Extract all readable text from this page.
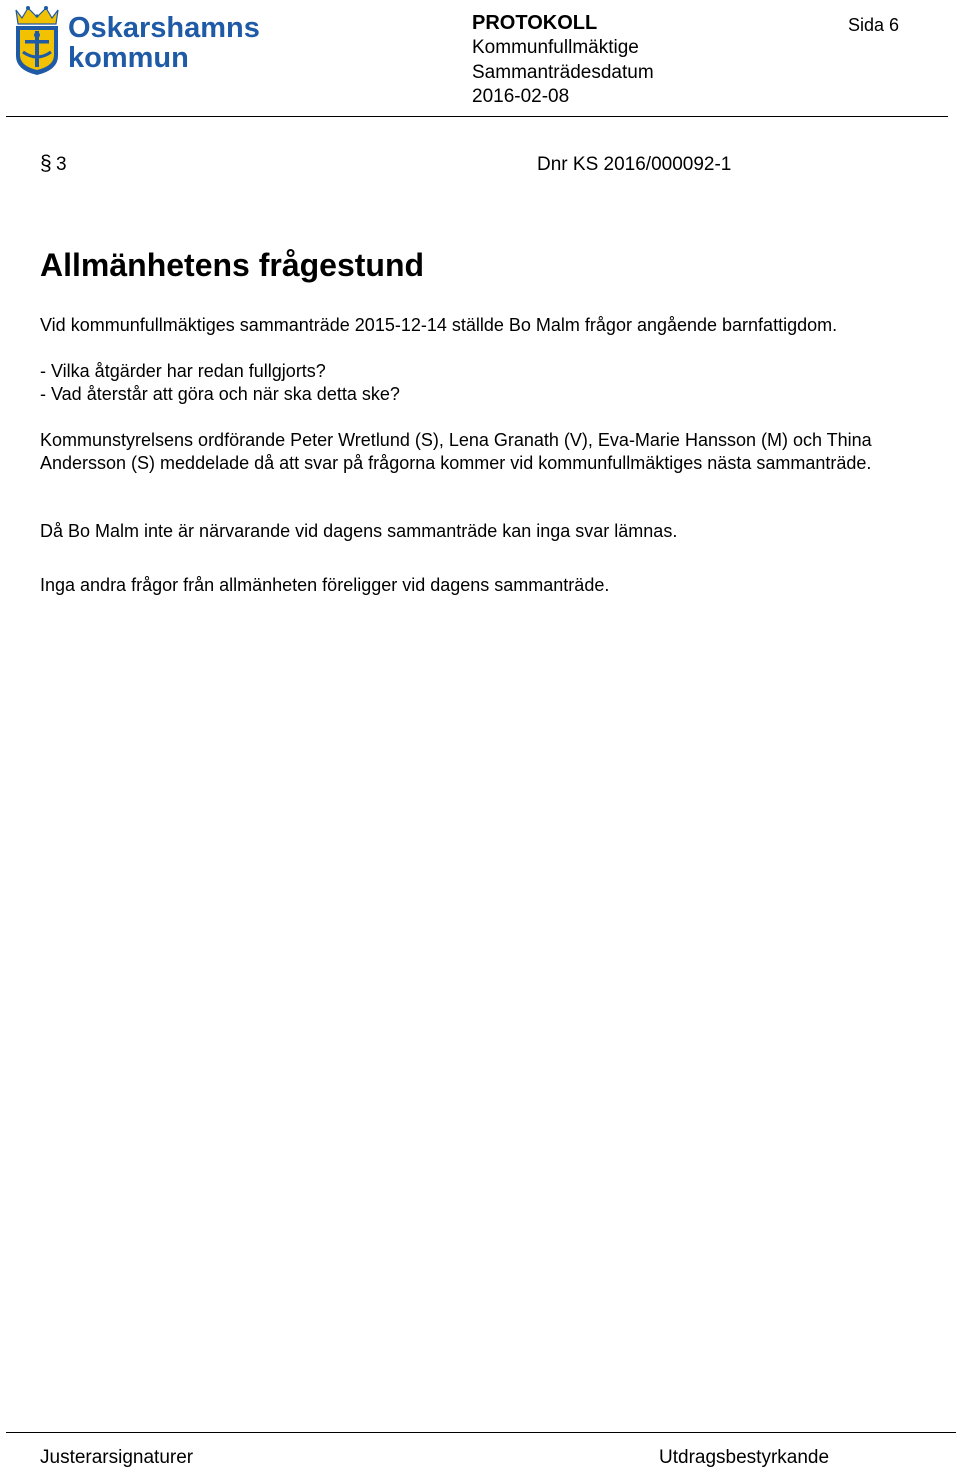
Oskarshamns
kommun
PROTOKOLL	Sida 6
Kommunfullmäktige
Sammanträdesdatum
2016-02-08
§ 3	Dnr KS 2016/000092-1
Allmänhetens frågestund
Vid kommunfullmäktiges sammanträde 2015-12-14 ställde Bo Malm frågor angående barnfattigdom.
- Vilka åtgärder har redan fullgjorts?
- Vad återstår att göra och när ska detta ske?
Kommunstyrelsens ordförande Peter Wretlund (S), Lena Granath (V), Eva-Marie Hansson (M) och Thina Andersson (S) meddelade då att svar på frågorna kommer vid kommunfullmäktiges nästa sammanträde.
Då Bo Malm inte är närvarande vid dagens sammanträde kan inga svar lämnas.
Inga andra frågor från allmänheten föreligger vid dagens sammanträde.
Justerarsignaturer	Utdragsbestyrkande
